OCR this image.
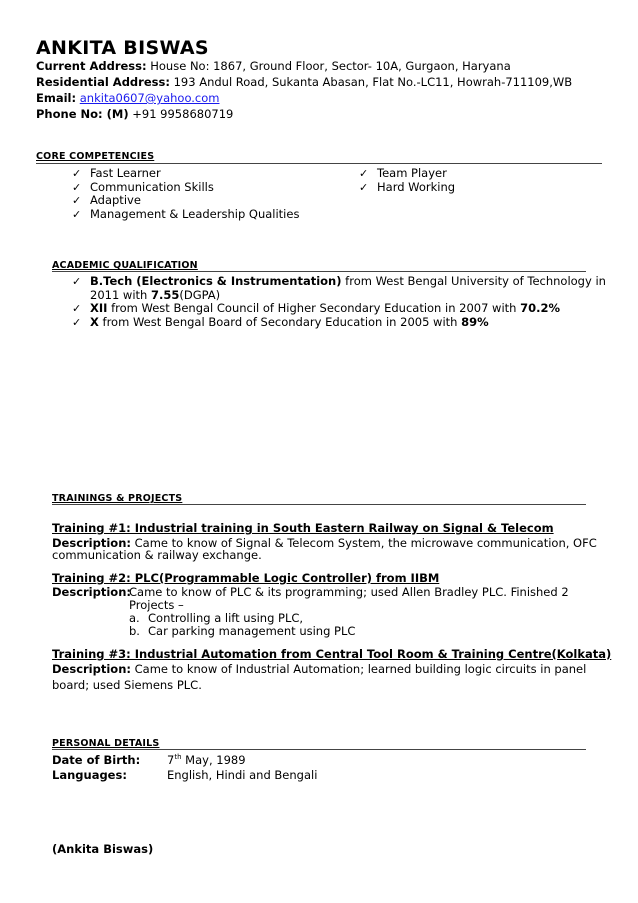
ANKITA BISWAS
Current Address: House No: 1867, Ground Floor, Sector- 10A, Gurgaon, Haryana
Residential Address: 193 Andul Road, Sukanta Abasan, Flat No.-LC11, Howrah-711109,WB
Email: ankita0607@yahoo.com
Phone No: (M) +91 9958680719
CORE COMPETENCIES
✓ Fast Learner
✓ Communication Skills
✓ Adaptive
✓ Management & Leadership Qualities
✓ Team Player
✓ Hard Working
ACADEMIC QUALIFICATION
✓ B.Tech (Electronics & Instrumentation) from West Bengal University of Technology in
2011 with 7.55(DGPA)
✓ XII from West Bengal Council of Higher Secondary Education in 2007 with 70.2%
✓ X from West Bengal Board of Secondary Education in 2005 with 89%
TRAININGS & PROJECTS
Training #1: Industrial training in South Eastern Railway on Signal & Telecom
Description: Came to know of Signal & Telecom System, the microwave communication, OFC
communication & railway exchange.
Training #2: PLC(Programmable Logic Controller) from IIBM
Description:
Came to know of PLC & its programming; used Allen Bradley PLC. Finished 2
Projects –
a. Controlling a lift using PLC,
b. Car parking management using PLC
Training #3: Industrial Automation from Central Tool Room & Training Centre(Kolkata)
Description: Came to know of Industrial Automation; learned building logic circuits in panel
board; used Siemens PLC.
PERSONAL DETAILS
Date of Birth: 7th May, 1989
Languages:	English, Hindi and Bengali
(Ankita Biswas)
